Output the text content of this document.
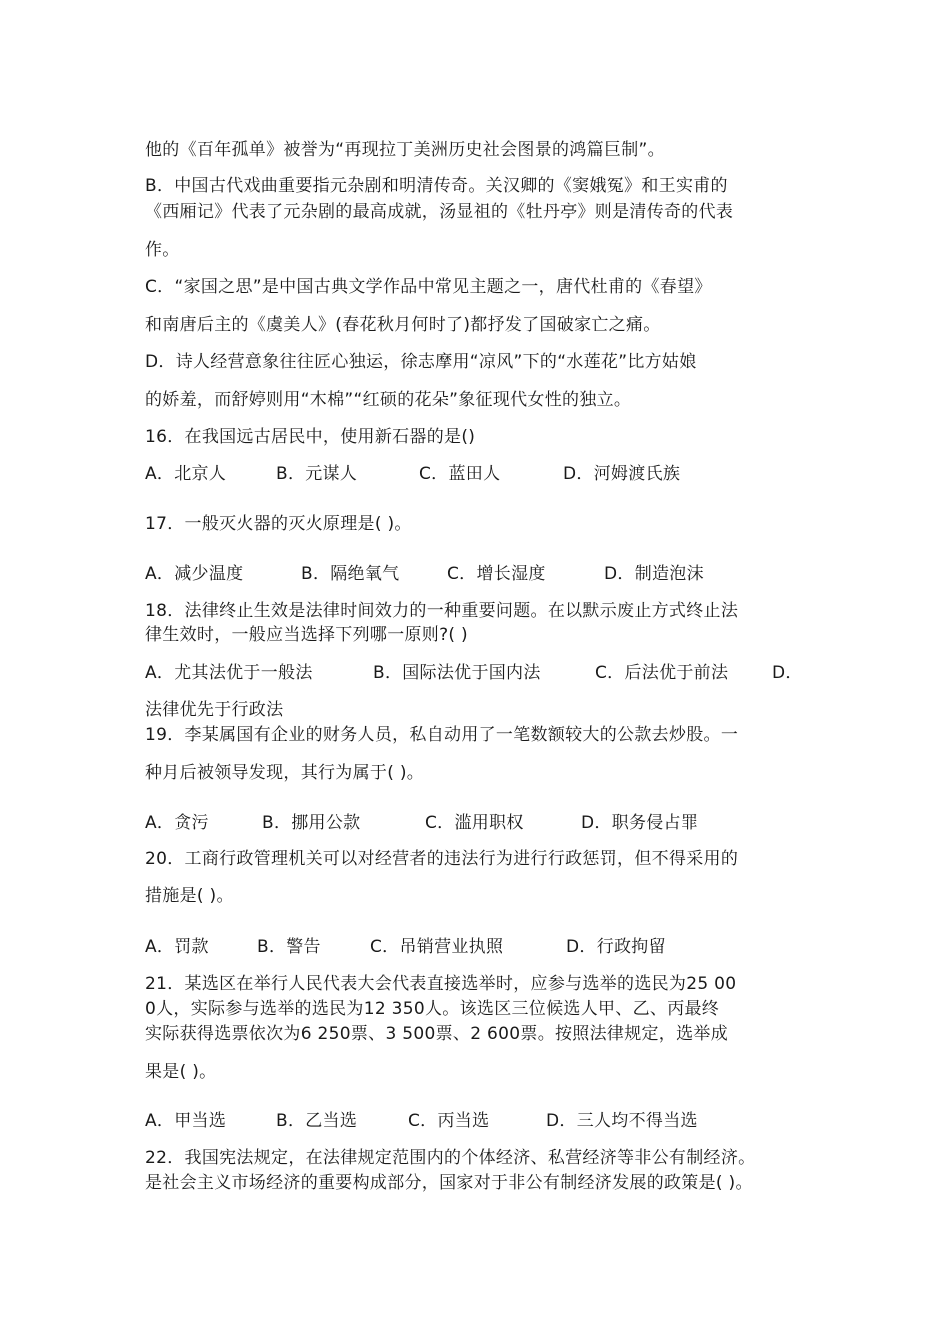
他的《百年孤单》被誉为“再现拉丁美洲历史社会图景的鸿篇巨制”。
B．中国古代戏曲重要指元杂剧和明清传奇。关汉卿的《窦娥冤》和王实甫的
《西厢记》代表了元杂剧的最高成就，汤显祖的《牡丹亭》则是清传奇的代表
作。
C．“家国之思”是中国古典文学作品中常见主题之一，唐代杜甫的《春望》
和南唐后主的《虞美人》(春花秋月何时了)都抒发了国破家亡之痛。
D．诗人经营意象往往匠心独运，徐志摩用“凉风”下的“水莲花”比方姑娘
的娇羞，而舒婷则用“木棉”“红硕的花朵”象征现代女性的独立。
16．在我国远古居民中，使用新石器的是()
A．北京人	B．元谋人	C．蓝田人	D．河姆渡氏族
17．一般灭火器的灭火原理是( )。
A．减少温度	B．隔绝氧气	C．增长湿度	D．制造泡沫
18．法律终止生效是法律时间效力的一种重要问题。在以默示废止方式终止法
律生效时，一般应当选择下列哪一原则?( )
A．尤其法优于一般法	B．国际法优于国内法	C．后法优于前法	D．
法律优先于行政法
19．李某属国有企业的财务人员，私自动用了一笔数额较大的公款去炒股。一
种月后被领导发现，其行为属于( )。
A．贪污	B．挪用公款	C．滥用职权	D．职务侵占罪
20．工商行政管理机关可以对经营者的违法行为进行行政惩罚，但不得采用的
措施是( )。
A．罚款	B．警告	C．吊销营业执照	D．行政拘留
21．某选区在举行人民代表大会代表直接选举时，应参与选举的选民为25 00
0人，实际参与选举的选民为12 350人。该选区三位候选人甲、乙、丙最终
实际获得选票依次为6 250票、3 500票、2 600票。按照法律规定，选举成
果是( )。
A．甲当选	B．乙当选	C．丙当选	D．三人均不得当选
22．我国宪法规定，在法律规定范围内的个体经济、私营经济等非公有制经济。
是社会主义市场经济的重要构成部分，国家对于非公有制经济发展的政策是( )。
